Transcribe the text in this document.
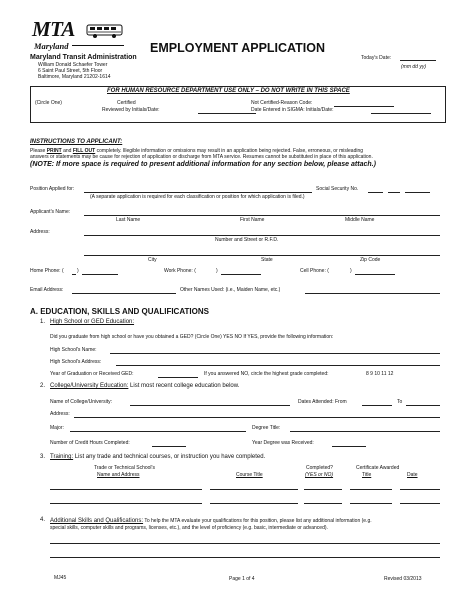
MTA
Maryland	EMPLOYMENT APPLICATION
Maryland Transit Administration
William Donald Schaefer Tower
6 Saint Paul Street, 5th Floor
Baltimore, Maryland 21202-1614
Today's Date:
(mm dd yy)
FOR HUMAN RESOURCE DEPARTMENT USE ONLY – DO NOT WRITE IN THIS SPACE
(Circle One)	Certified
Reviewed by Initials/Date:
Not Certified-Reason Code:
Date Entered in SIGMA: Initials/Date:
INSTRUCTIONS TO APPLICANT:
Please PRINT and FILL OUT completely. Illegible information or omissions may result in an application being rejected. False, erroneous, or misleading
answers or statements may be cause for rejection of application or discharge from MTA service. Resumes cannot be substituted in place of this application.
(NOTE: If more space is required to present additional information for any section below, please attach.)
Position Applied for:	Social Security No.
(A separate application is required for each classification or position for which application is filed.)
Applicant's Name:
Last Name	First Name	Middle Name
Address:
Number and Street or R.F.D.
City	State	Zip Code
Home Phone: (	)	Work Phone: (	)	Cell Phone: (	)
Email Address:	Other Names Used: (i.e., Maiden Name, etc.)
A. EDUCATION, SKILLS AND QUALIFICATIONS
1. High School or GED Education:
Did you graduate from high school or have you obtained a GED? (Circle One) YES NO If YES, provide the following information:
High School's Name:
High School's Address:
Year of Graduation or Received GED:	If you answered NO, circle the highest grade completed:	8 9 10 11 12
2. College/University Education: List most recent college education below.
Name of College/University:	Dates Attended: From	To
Address:
Major:	Degree Title:
Number of Credit Hours Completed:	Year Degree was Received:
3. Training: List any trade and technical courses, or instruction you have completed.
Trade or Technical School's
Name and Address	Course Title
Completed?
(YES or NO)
Certificate Awarded
Title	Date
4. Additional Skills and Qualifications: To help the MTA evaluate your qualifications for this position, please list any additional information (e.g.
special skills, computer skills and programs, licenses, etc.), and the level of proficiency (e.g. basic, intermediate or advanced).
MJ45	Page 1 of 4	Revised 03/2013
